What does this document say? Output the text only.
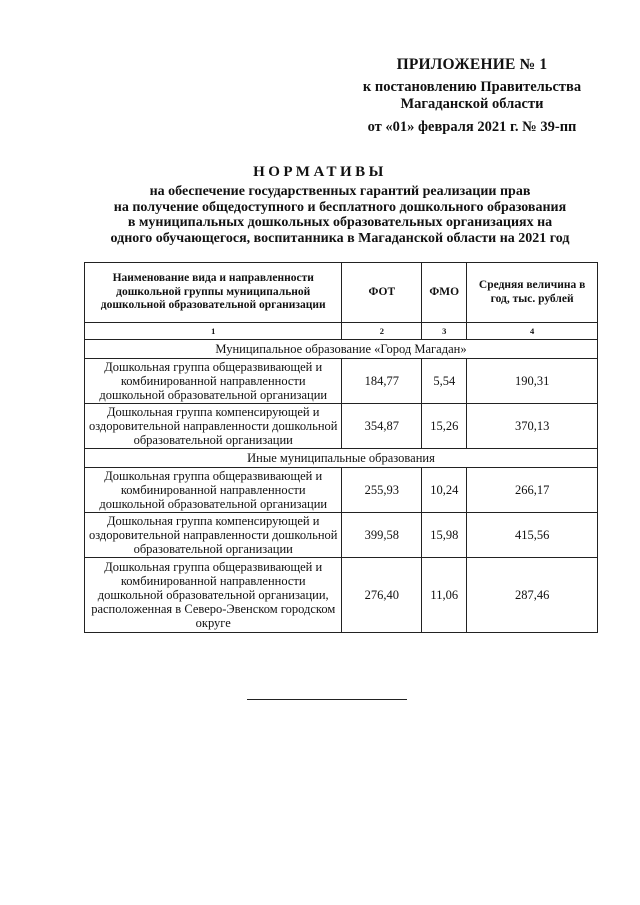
ПРИЛОЖЕНИЕ № 1
к постановлению Правительства
Магаданской области
от «01» февраля 2021 г. № 39-пп
НОРМАТИВЫ
на обеспечение государственных гарантий реализации прав
на получение общедоступного и бесплатного дошкольного образования
в муниципальных дошкольных образовательных организациях на
одного обучающегося, воспитанника в Магаданской области на 2021 год
Наименование вида и направленности дошкольной группы муниципальной дошкольной образовательной организации	ФОТ	ФМО	Средняя величина в год, тыс. рублей
1	2	3	4
Муниципальное образование «Город Магадан»			
Дошкольная группа общеразвивающей и комбинированной направленности дошкольной образовательной организации	184,77	5,54	190,31
Дошкольная группа компенсирующей и оздоровительной направленности дошкольной образовательной организации	354,87	15,26	370,13
Иные муниципальные образования			
Дошкольная группа общеразвивающей и комбинированной направленности дошкольной образовательной организации	255,93	10,24	266,17
Дошкольная группа компенсирующей и оздоровительной направленности дошкольной образовательной организации	399,58	15,98	415,56
Дошкольная группа общеразвивающей и комбинированной направленности дошкольной образовательной организации, расположенная в Северо-Эвенском городском округе	276,40	11,06	287,46
